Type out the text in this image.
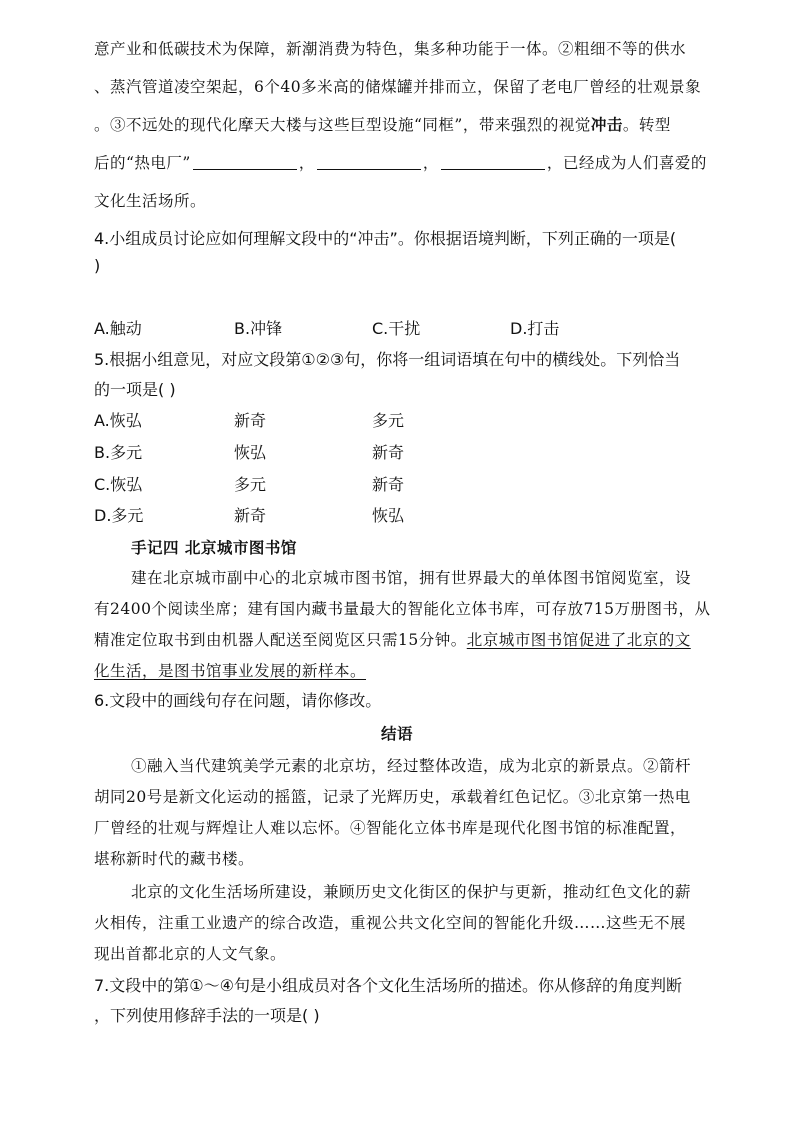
意产业和低碳技术为保障，新潮消费为特色，集多种功能于一体。②粗细不等的供水
、蒸汽管道凌空架起，6个40多米高的储煤罐并排而立，保留了老电厂曾经的壮观景象
。③不远处的现代化摩天大楼与这些巨型设施“同框”，带来强烈的视觉冲击。转型
后的“热电厂”	，	，	，已经成为人们喜爱的
文化生活场所。
4.小组成员讨论应如何理解文段中的“冲击”。你根据语境判断，下列正确的一项是(
)
A.触动	B.冲锋	C.干扰	D.打击
5.根据小组意见，对应文段第①②③句，你将一组词语填在句中的横线处。下列恰当
的一项是( )
A.恢弘	新奇	多元
B.多元	恢弘	新奇
C.恢弘	多元	新奇
D.多元	新奇	恢弘
手记四 北京城市图书馆
建在北京城市副中心的北京城市图书馆，拥有世界最大的单体图书馆阅览室，设
有2400个阅读坐席；建有国内藏书量最大的智能化立体书库，可存放715万册图书，从
精准定位取书到由机器人配送至阅览区只需15分钟。北京城市图书馆促进了北京的文
化生活，是图书馆事业发展的新样本。
6.文段中的画线句存在问题，请你修改。
结语
①融入当代建筑美学元素的北京坊，经过整体改造，成为北京的新景点。②箭杆
胡同20号是新文化运动的摇篮，记录了光辉历史，承载着红色记忆。③北京第一热电
厂曾经的壮观与辉煌让人难以忘怀。④智能化立体书库是现代化图书馆的标准配置，
堪称新时代的藏书楼。
北京的文化生活场所建设，兼顾历史文化街区的保护与更新，推动红色文化的薪
火相传，注重工业遗产的综合改造，重视公共文化空间的智能化升级……这些无不展
现出首都北京的人文气象。
7.文段中的第①～④句是小组成员对各个文化生活场所的描述。你从修辞的角度判断
，下列使用修辞手法的一项是( )
